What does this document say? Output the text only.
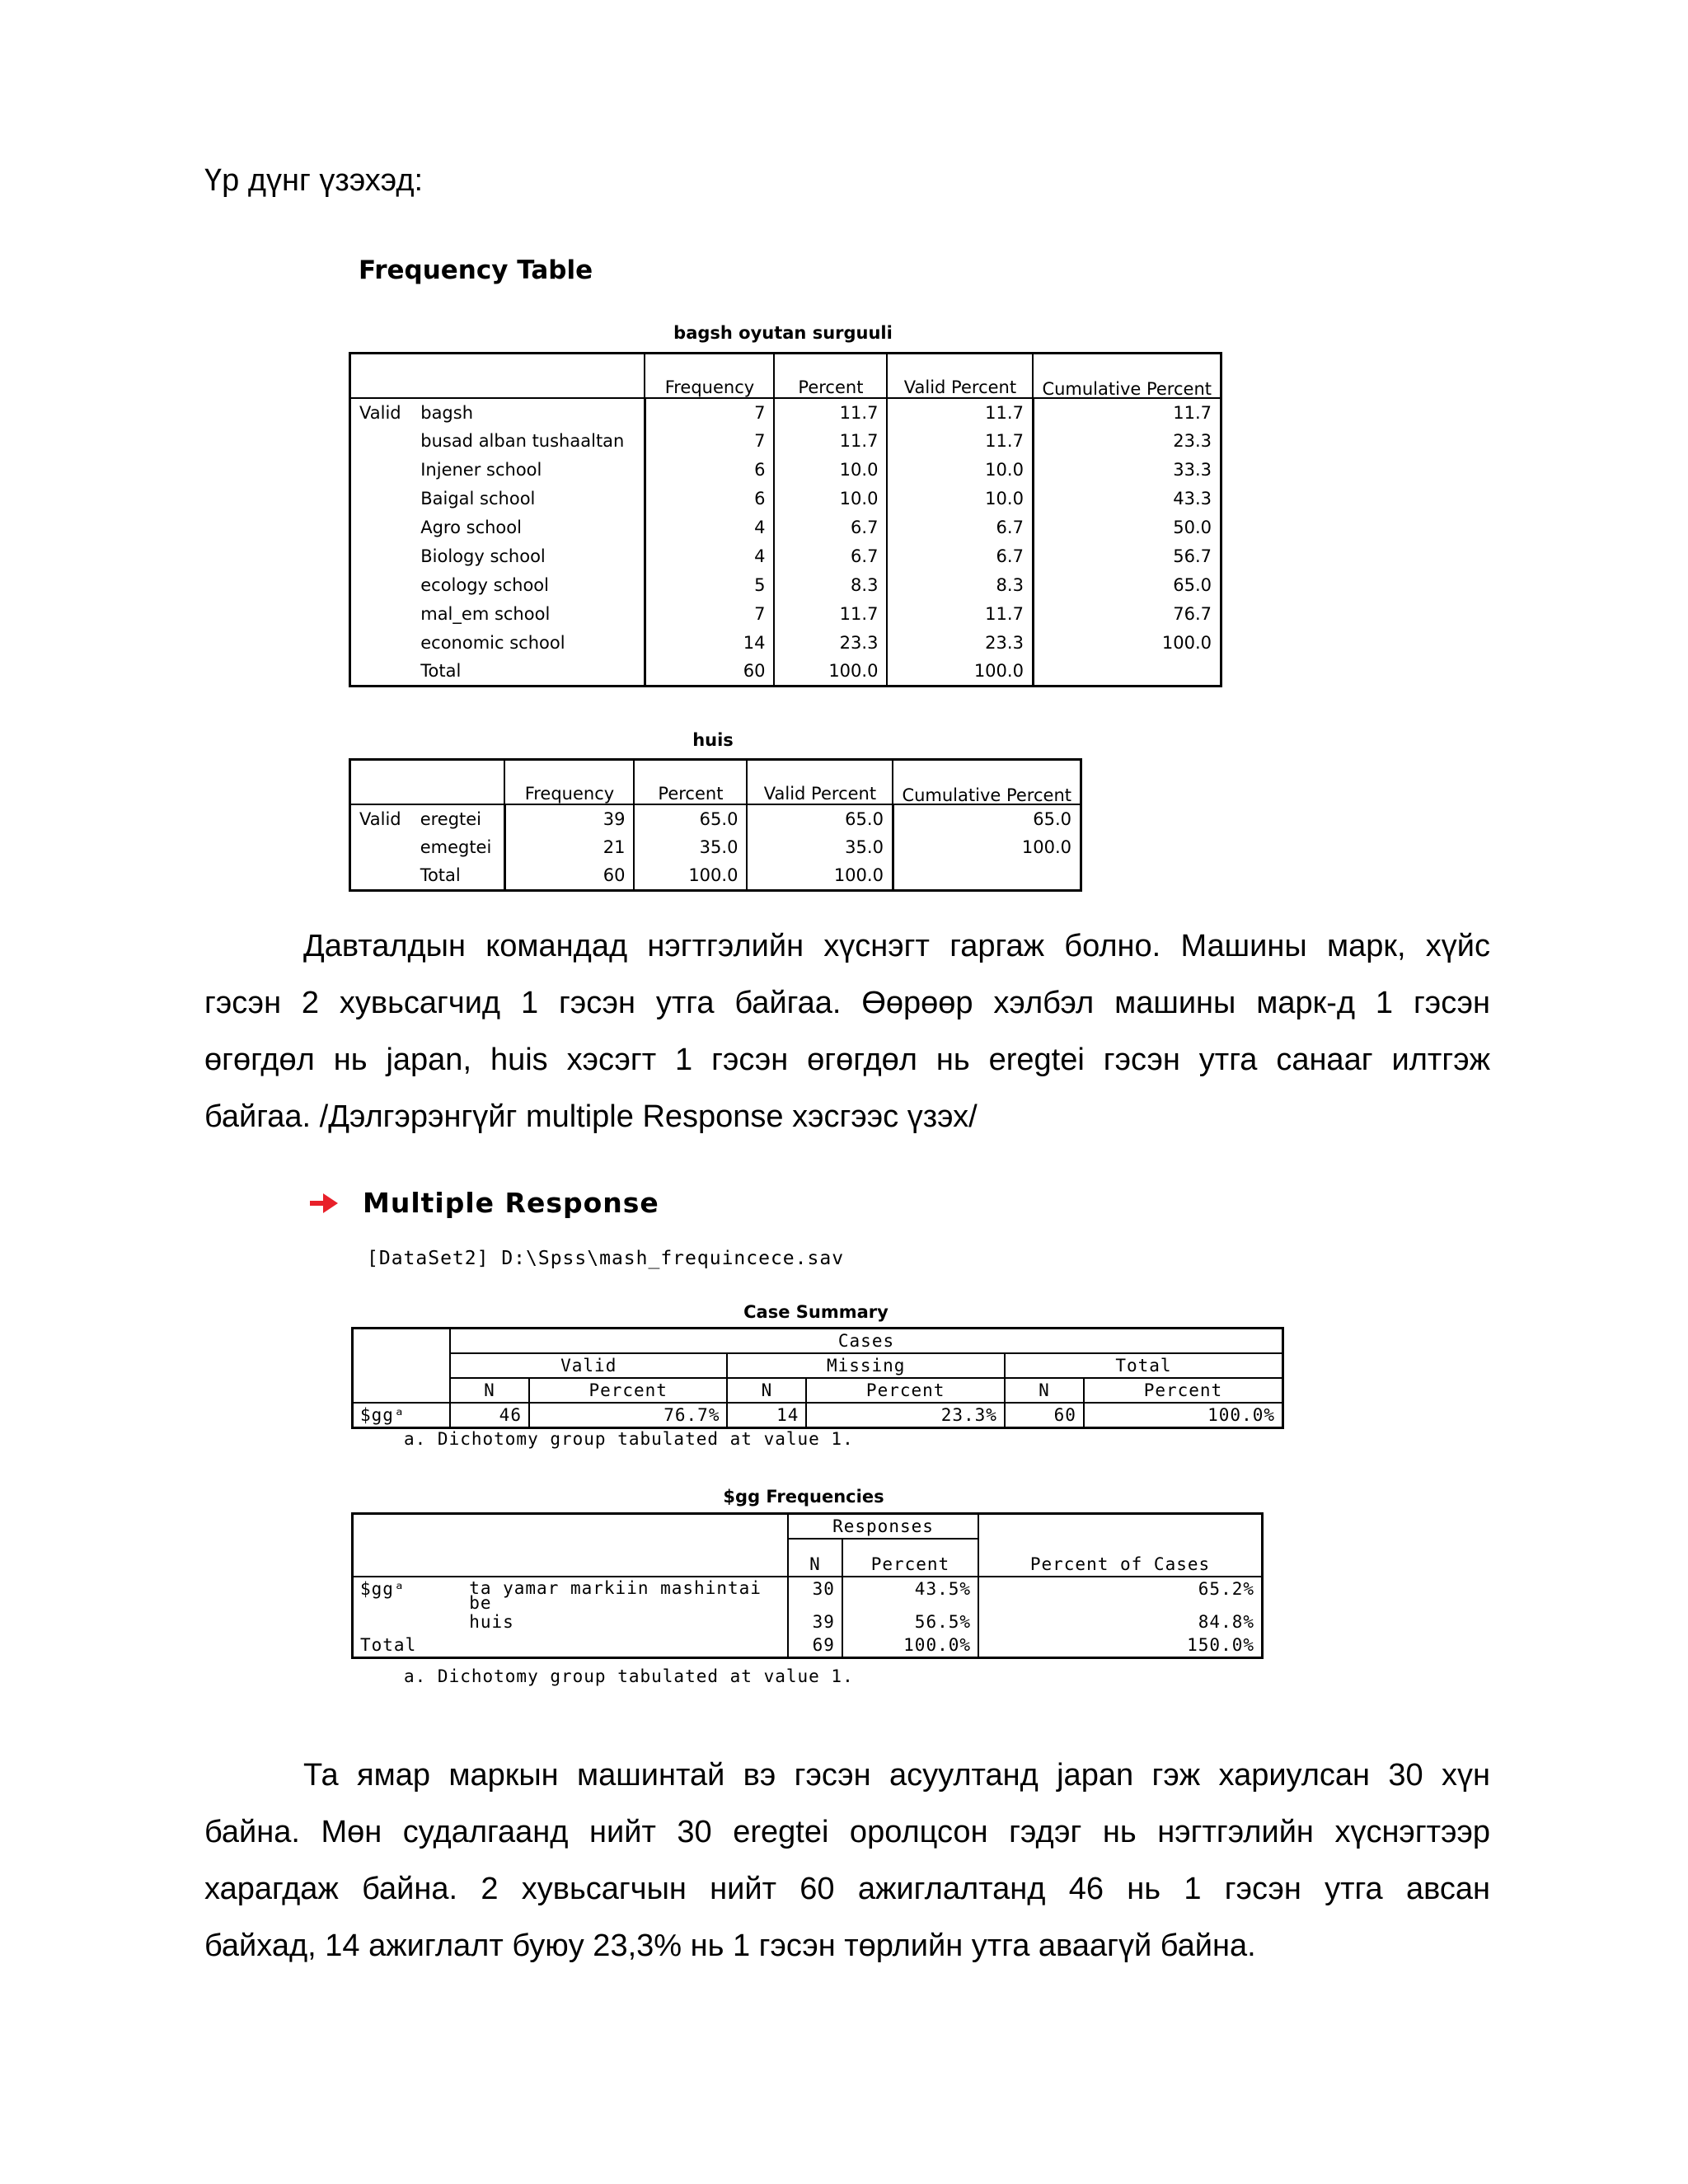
Үр дүнг үзэхэд:
Frequency Table
bagsh oyutan surguuli
		Frequency	Percent	Valid Percent	Cumulative Percent
Valid	bagsh	7	11.7	11.7	11.7
	busad alban tushaaltan	7	11.7	11.7	23.3
	Injener school	6	10.0	10.0	33.3
	Baigal school	6	10.0	10.0	43.3
	Agro school	4	6.7	6.7	50.0
	Biology school	4	6.7	6.7	56.7
	ecology school	5	8.3	8.3	65.0
	mal_em school	7	11.7	11.7	76.7
	economic school	14	23.3	23.3	100.0
	Total	60	100.0	100.0	
huis
		Frequency	Percent	Valid Percent	Cumulative Percent
Valid	eregtei	39	65.0	65.0	65.0
	emegtei	21	35.0	35.0	100.0
	Total	60	100.0	100.0	
Давталдын командад нэгтгэлийн хүснэгт гаргаж болно. Машины марк, хүйс
гэсэн 2 хувьсагчид 1 гэсэн утга байгаа. Өөрөөр хэлбэл машины марк-д 1 гэсэн
өгөгдөл нь japan, huis хэсэгт 1 гэсэн өгөгдөл нь eregtei гэсэн утга санааг илтгэж
байгаа. /Дэлгэрэнгүйг multiple Response хэсгээс үзэх/
Multiple Response
[DataSet2] D:\Spss\mash_frequincece.sav
Case Summary
	Cases					
	Valid		Missing		Total	
	N	Percent	N	Percent	N	Percent
$ggᵃ	46	76.7%	14	23.3%	60	100.0%
a. Dichotomy group tabulated at value 1.
$gg Frequencies
		Responses		Percent of Cases
		N	Percent	
$ggᵃ	ta yamar markiin mashintai be	30	43.5%	65.2%
	huis	39	56.5%	84.8%
Total		69	100.0%	150.0%
a. Dichotomy group tabulated at value 1.
Та ямар маркын машинтай вэ гэсэн асуултанд japan гэж хариулсан 30 хүн
байна. Мөн судалгаанд нийт 30 eregtei оролцсон гэдэг нь нэгтгэлийн хүснэгтээр
харагдаж байна. 2 хувьсагчын нийт 60 ажиглалтанд 46 нь 1 гэсэн утга авсан
байхад, 14 ажиглалт буюу 23,3% нь 1 гэсэн төрлийн утга аваагүй байна.
